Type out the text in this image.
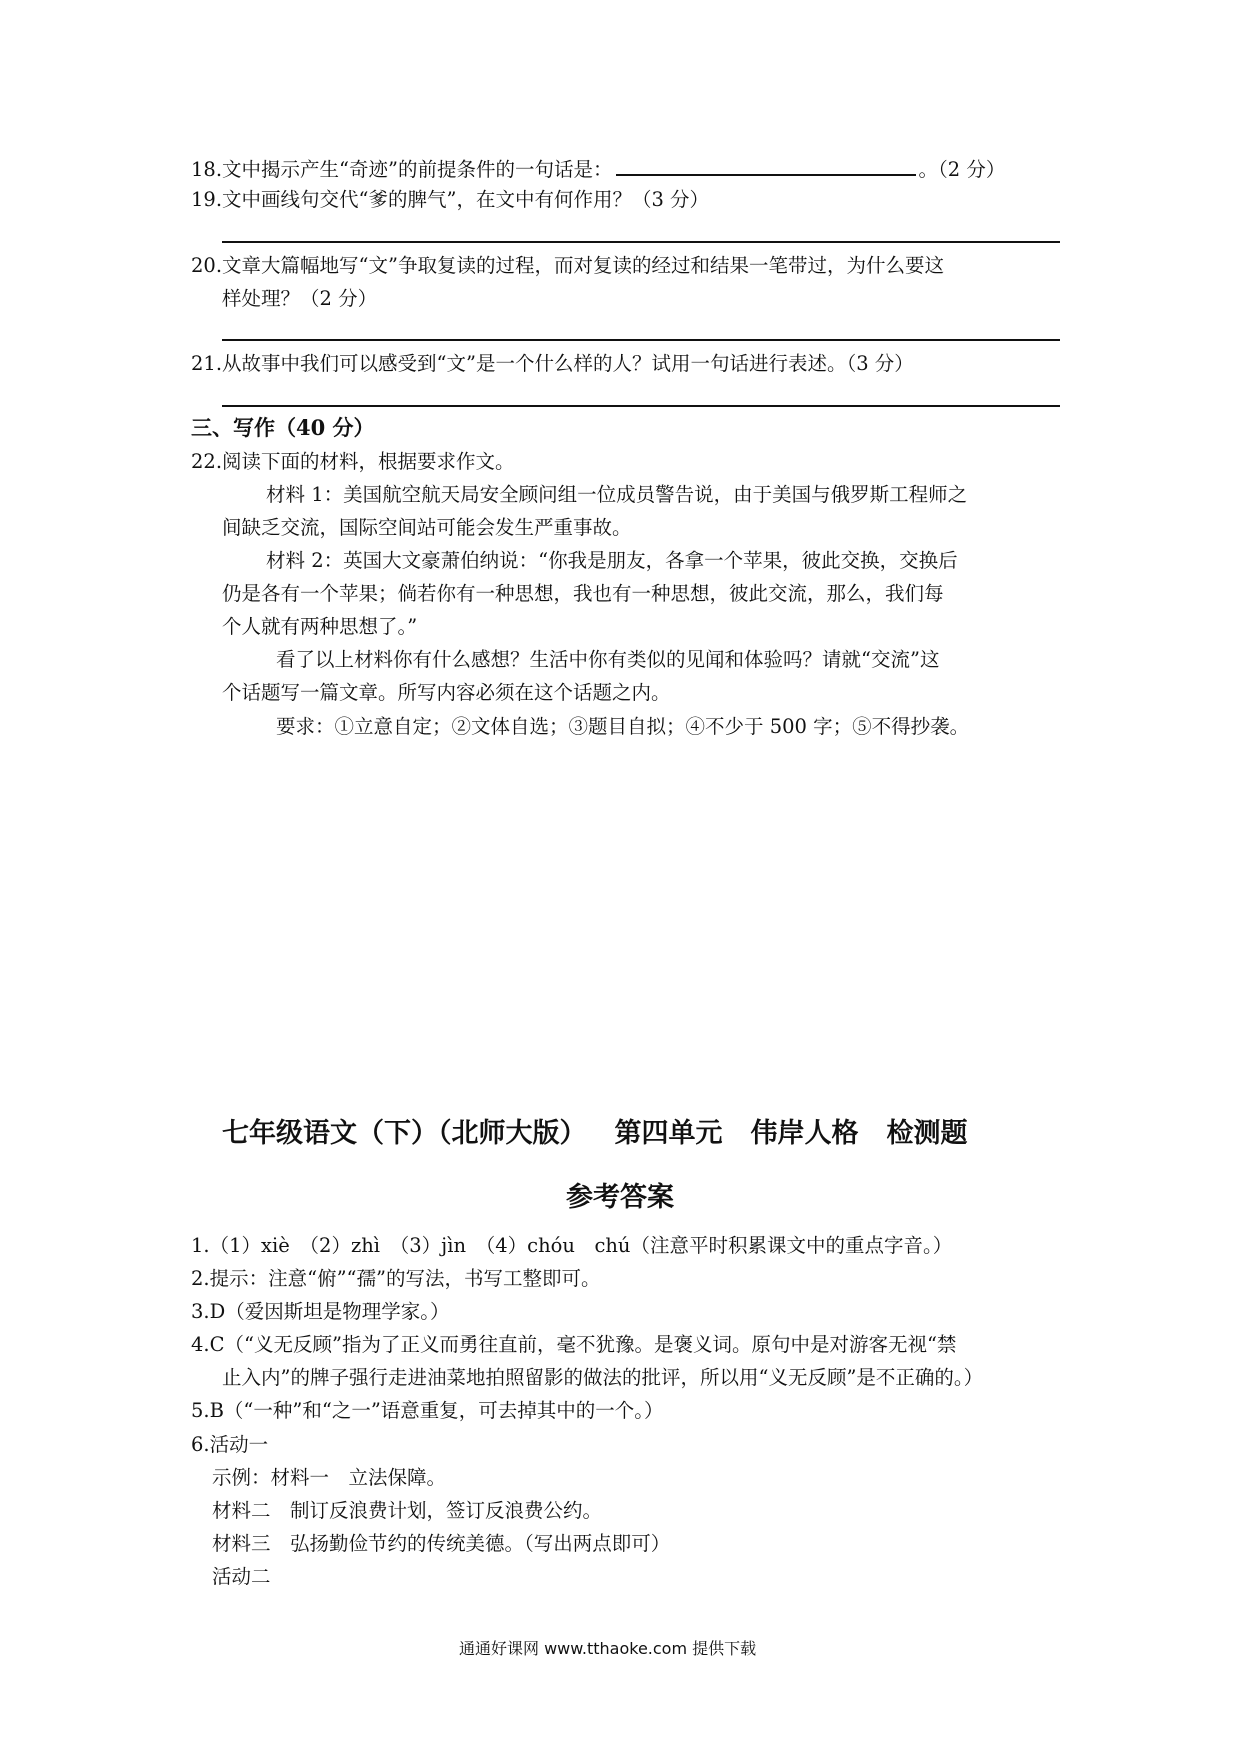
18.文中揭示产生“奇迹”的前提条件的一句话是：	。（2 分）
19.文中画线句交代“爹的脾气”，在文中有何作用？（3 分）
20.文章大篇幅地写“文”争取复读的过程，而对复读的经过和结果一笔带过，为什么要这
样处理？（2 分）
21.从故事中我们可以感受到“文”是一个什么样的人？试用一句话进行表述。（3 分）
三、写作（40 分）
22.阅读下面的材料，根据要求作文。
材料 1：美国航空航天局安全顾问组一位成员警告说，由于美国与俄罗斯工程师之
间缺乏交流，国际空间站可能会发生严重事故。
材料 2：英国大文豪萧伯纳说：“你我是朋友，各拿一个苹果，彼此交换，交换后
仍是各有一个苹果；倘若你有一种思想，我也有一种思想，彼此交流，那么，我们每
个人就有两种思想了。”
看了以上材料你有什么感想？生活中你有类似的见闻和体验吗？请就“交流”这
个话题写一篇文章。所写内容必须在这个话题之内。
要求：①立意自定；②文体自选；③题目自拟；④不少于 500 字；⑤不得抄袭。
七年级语文（下）（北师大版） 第四单元 伟岸人格 检测题
参考答案
1.（1）xiè　（2）zhì　（3）jìn　（4）chóu　chú（注意平时积累课文中的重点字音。）
2.提示：注意“俯”“孺”的写法，书写工整即可。
3.D（爱因斯坦是物理学家。）
4.C（“义无反顾”指为了正义而勇往直前，毫不犹豫。是褒义词。原句中是对游客无视“禁
止入内”的牌子强行走进油菜地拍照留影的做法的批评，所以用“义无反顾”是不正确的。）
5.B（“一种”和“之一”语意重复，可去掉其中的一个。）
6.活动一
示例：材料一　立法保障。
材料二　制订反浪费计划，签订反浪费公约。
材料三　弘扬勤俭节约的传统美德。（写出两点即可）
活动二
通通好课网 www.tthaoke.com 提供下载
